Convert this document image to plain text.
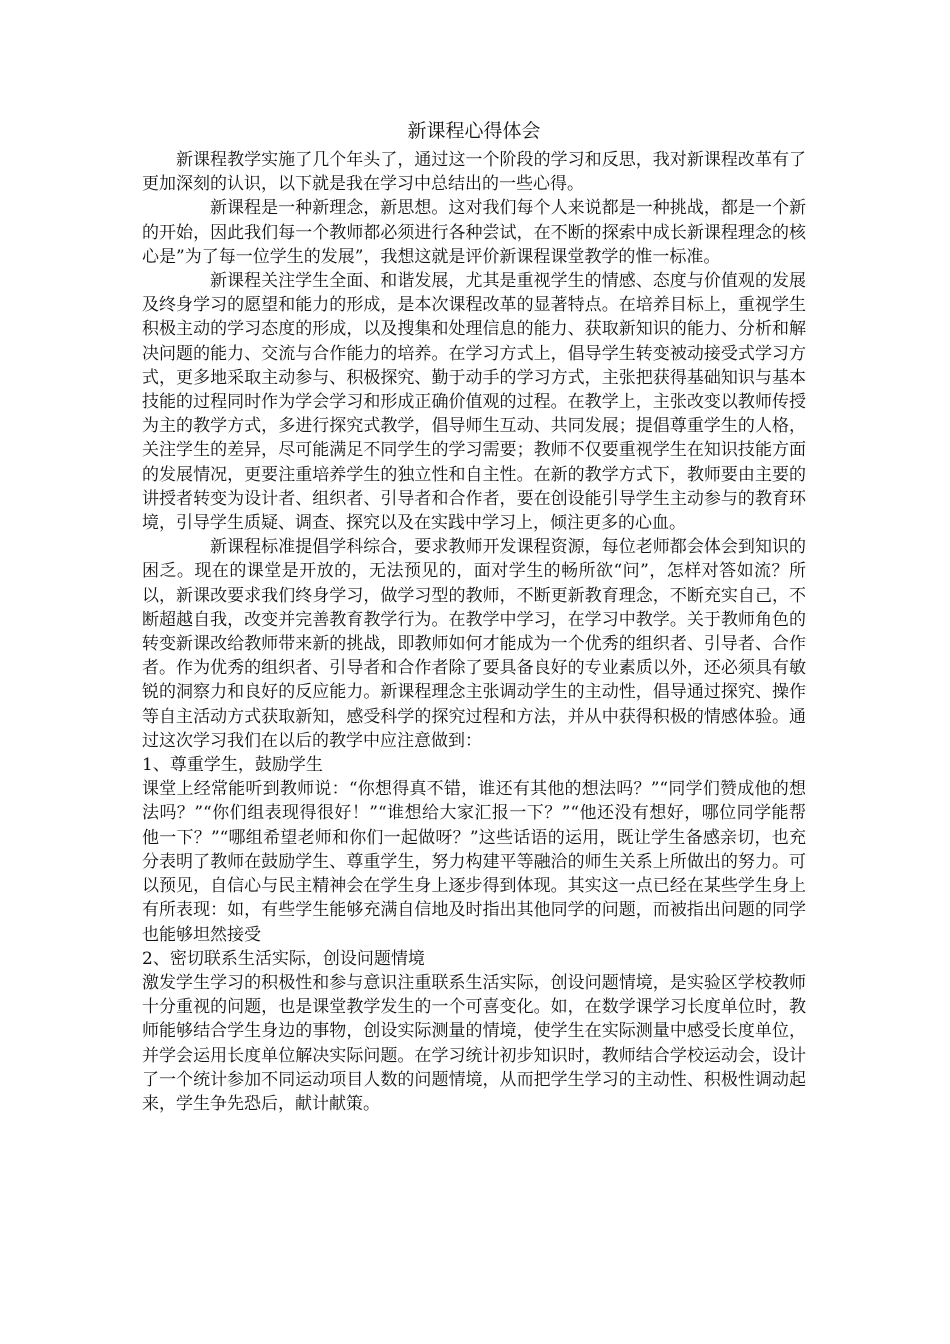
新课程心得体会

新课程教学实施了几个年头了，通过这一个阶段的学习和反思，我对新课程改革有了更加深刻的认识，以下就是我在学习中总结出的一些心得。

新课程是一种新理念，新思想。这对我们每个人来说都是一种挑战，都是一个新的开始，因此我们每一个教师都必须进行各种尝试，在不断的探索中成长新课程理念的核心是”为了每一位学生的发展”，我想这就是评价新课程课堂教学的惟一标准。

新课程关注学生全面、和谐发展，尤其是重视学生的情感、态度与价值观的发展及终身学习的愿望和能力的形成，是本次课程改革的显著特点。在培养目标上，重视学生积极主动的学习态度的形成，以及搜集和处理信息的能力、获取新知识的能力、分析和解决问题的能力、交流与合作能力的培养。在学习方式上，倡导学生转变被动接受式学习方式，更多地采取主动参与、积极探究、勤于动手的学习方式，主张把获得基础知识与基本技能的过程同时作为学会学习和形成正确价值观的过程。在教学上，主张改变以教师传授为主的教学方式，多进行探究式教学，倡导师生互动、共同发展；提倡尊重学生的人格，关注学生的差异，尽可能满足不同学生的学习需要；教师不仅要重视学生在知识技能方面的发展情况，更要注重培养学生的独立性和自主性。在新的教学方式下，教师要由主要的讲授者转变为设计者、组织者、引导者和合作者，要在创设能引导学生主动参与的教育环境，引导学生质疑、调查、探究以及在实践中学习上，倾注更多的心血。

新课程标准提倡学科综合，要求教师开发课程资源，每位老师都会体会到知识的困乏。现在的课堂是开放的，无法预见的，面对学生的畅所欲“问”，怎样对答如流？所以，新课改要求我们终身学习，做学习型的教师，不断更新教育理念，不断充实自己，不断超越自我，改变并完善教育教学行为。在教学中学习，在学习中教学。关于教师角色的转变新课改给教师带来新的挑战，即教师如何才能成为一个优秀的组织者、引导者、合作者。作为优秀的组织者、引导者和合作者除了要具备良好的专业素质以外，还必须具有敏锐的洞察力和良好的反应能力。新课程理念主张调动学生的主动性，倡导通过探究、操作等自主活动方式获取新知，感受科学的探究过程和方法，并从中获得积极的情感体验。通过这次学习我们在以后的教学中应注意做到：

1、尊重学生，鼓励学生

课堂上经常能听到教师说：“你想得真不错，谁还有其他的想法吗？”“同学们赞成他的想法吗？”“你们组表现得很好！”“谁想给大家汇报一下？”“他还没有想好，哪位同学能帮他一下？”“哪组希望老师和你们一起做呀？”这些话语的运用，既让学生备感亲切，也充分表明了教师在鼓励学生、尊重学生，努力构建平等融洽的师生关系上所做出的努力。可以预见，自信心与民主精神会在学生身上逐步得到体现。其实这一点已经在某些学生身上有所表现：如，有些学生能够充满自信地及时指出其他同学的问题，而被指出问题的同学也能够坦然接受

2、密切联系生活实际，创设问题情境

激发学生学习的积极性和参与意识注重联系生活实际，创设问题情境，是实验区学校教师十分重视的问题，也是课堂教学发生的一个可喜变化。如，在数学课学习长度单位时，教师能够结合学生身边的事物，创设实际测量的情境，使学生在实际测量中感受长度单位，并学会运用长度单位解决实际问题。在学习统计初步知识时，教师结合学校运动会，设计了一个统计参加不同运动项目人数的问题情境，从而把学生学习的主动性、积极性调动起来，学生争先恐后，献计献策。
